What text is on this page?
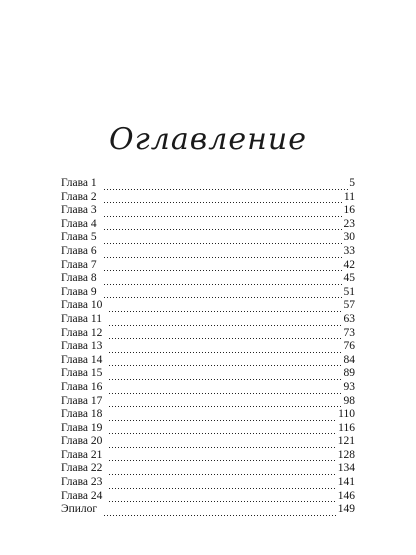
Оглавление
Глава 1	5
Глава 2	11
Глава 3	16
Глава 4	23
Глава 5	30
Глава 6	33
Глава 7	42
Глава 8	45
Глава 9	51
Глава 10	57
Глава 11	63
Глава 12	73
Глава 13	76
Глава 14	84
Глава 15	89
Глава 16	93
Глава 17	98
Глава 18	110
Глава 19	116
Глава 20	121
Глава 21	128
Глава 22	134
Глава 23	141
Глава 24	146
Эпилог	149
